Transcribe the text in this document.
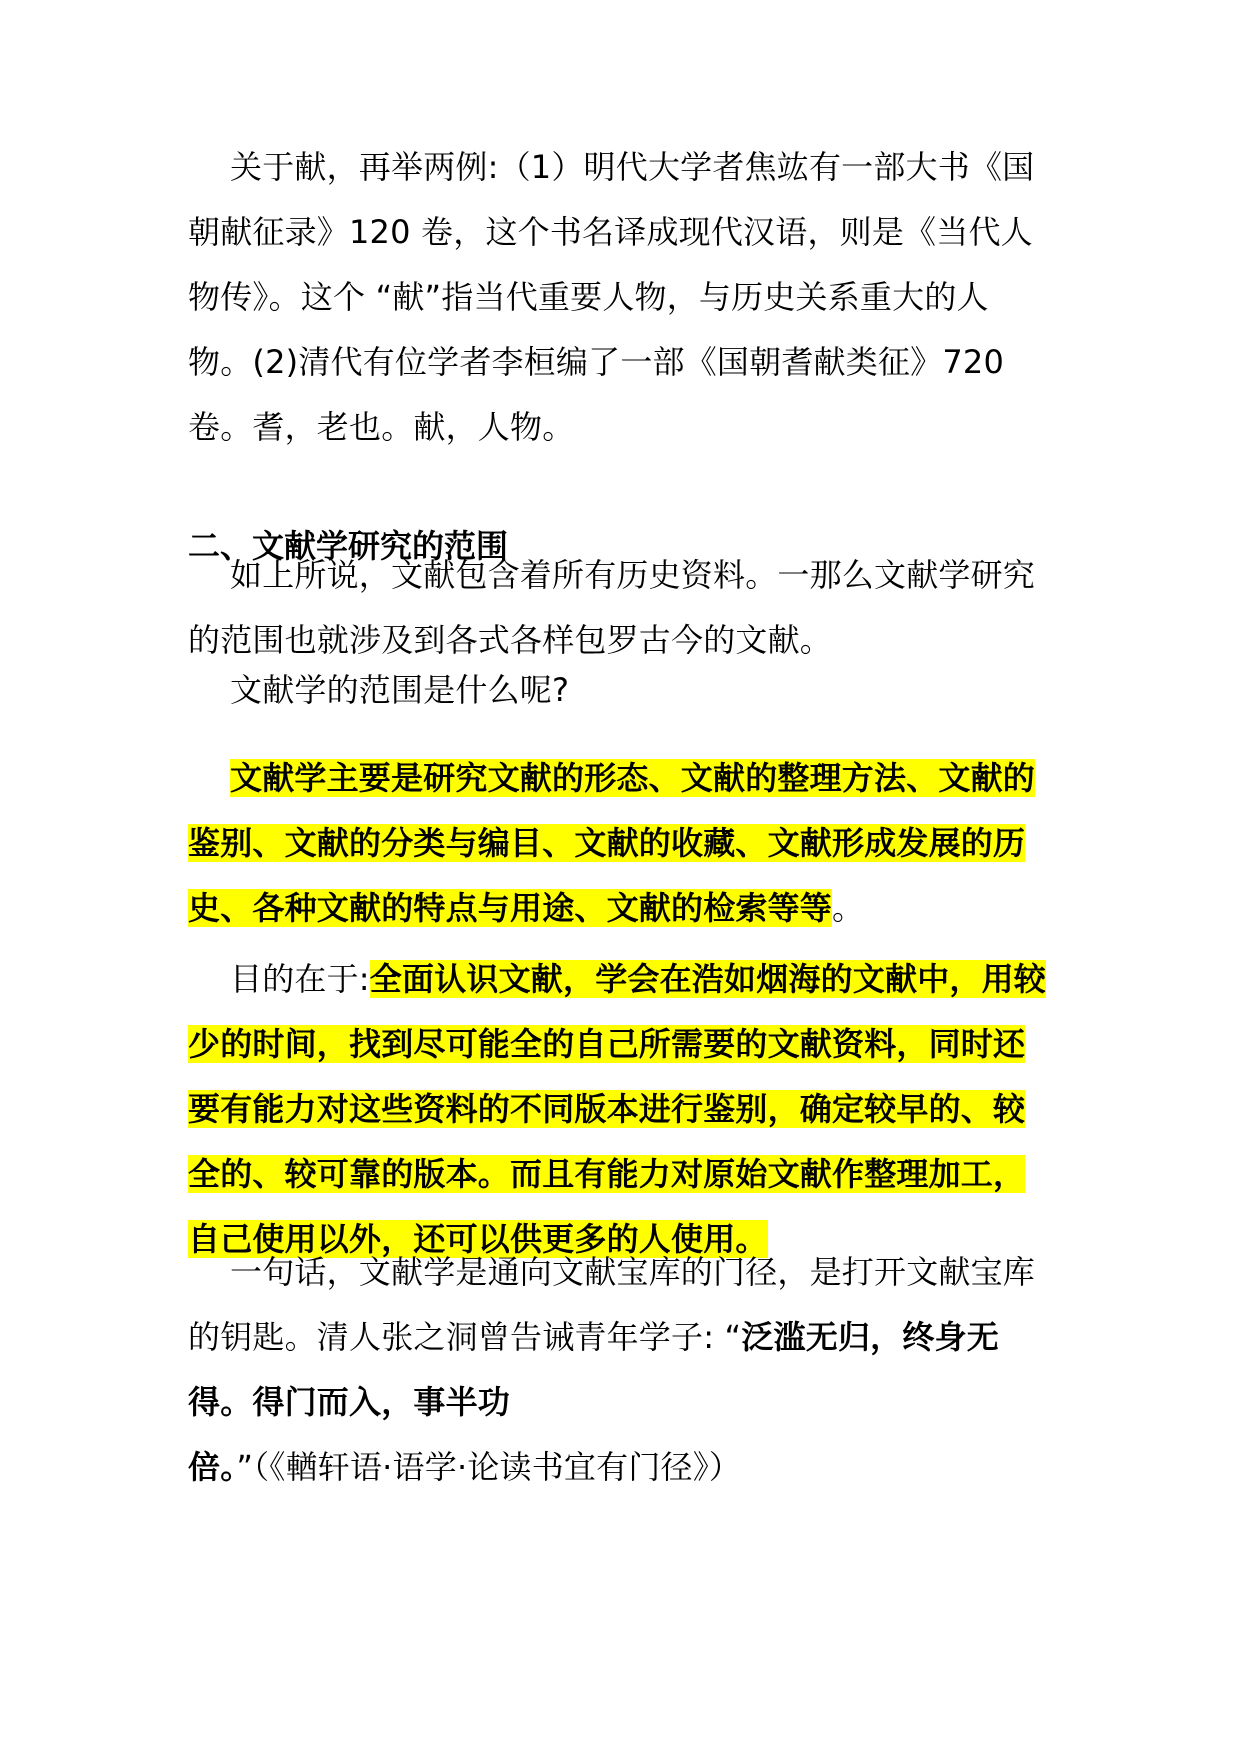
关于献，再举两例:（1）明代大学者焦竑有一部大书《国朝献征录》120 卷，这个书名译成现代汉语，则是《当代人物传》。这个 “献”指当代重要人物，与历史关系重大的人物。(2)清代有位学者李桓编了一部《国朝耆献类征》720 卷。耆，老也。献，人物。

二、文献学研究的范围

如上所说，文献包含着所有历史资料。一那么文献学研究的范围也就涉及到各式各样包罗古今的文献。

文献学的范围是什么呢?

文献学主要是研究文献的形态、文献的整理方法、文献的鉴别、文献的分类与编目、文献的收藏、文献形成发展的历史、各种文献的特点与用途、文献的检索等等。

目的在于:全面认识文献，学会在浩如烟海的文献中，用较少的时间，找到尽可能全的自己所需要的文献资料，同时还要有能力对这些资料的不同版本进行鉴别，确定较早的、较全的、较可靠的版本。而且有能力对原始文献作整理加工，自己使用以外，还可以供更多的人使用。

一句话，文献学是通向文献宝库的门径，是打开文献宝库的钥匙。清人张之洞曾告诫青年学子: “泛滥无归，终身无得。得门而入，事半功倍。”（《輶轩语·语学·论读书宜有门径》）
